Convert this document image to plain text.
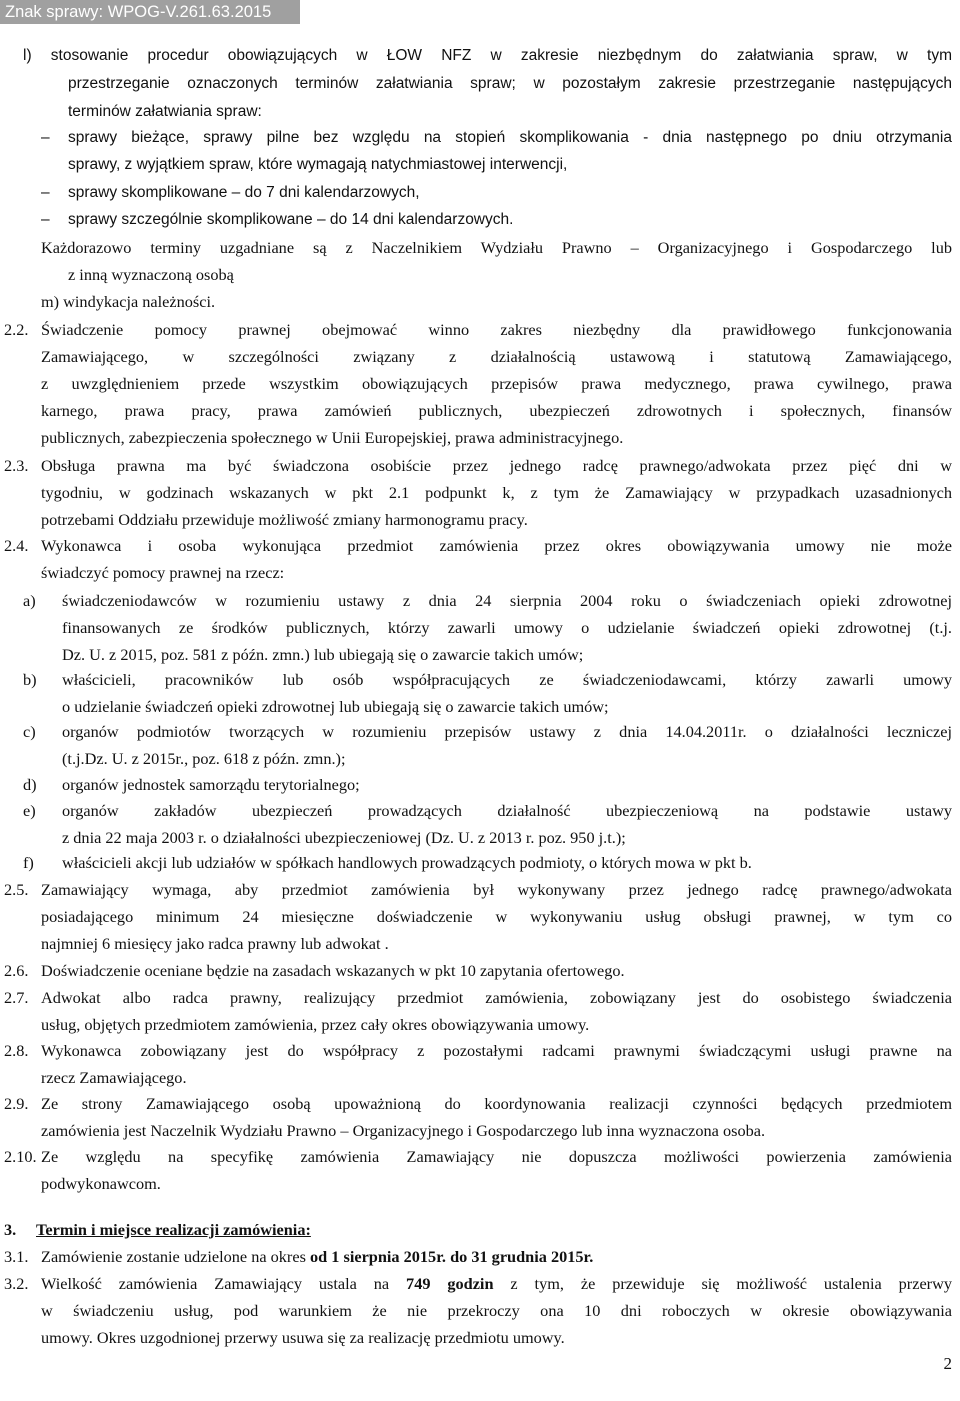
Znak sprawy: WPOG-V.261.63.2015
l) stosowanie procedur obowiązujących w ŁOW NFZ w zakresie niezbędnym do załatwiania spraw, w tym
przestrzeganie oznaczonych terminów załatwiania spraw; w pozostałym zakresie przestrzeganie następujących
terminów załatwiania spraw:
– sprawy bieżące, sprawy pilne bez względu na stopień skomplikowania - dnia następnego po dniu otrzymania
sprawy, z wyjątkiem spraw, które wymagają natychmiastowej interwencji,
– sprawy skomplikowane – do 7 dni kalendarzowych,
– sprawy szczególnie skomplikowane – do 14 dni kalendarzowych.
Każdorazowo terminy uzgadniane są z Naczelnikiem Wydziału Prawno – Organizacyjnego i Gospodarczego lub
z inną wyznaczoną osobą
m) windykacja należności.
2.2. Świadczenie pomocy prawnej obejmować winno zakres niezbędny dla prawidłowego funkcjonowania
Zamawiającego, w szczególności związany z działalnością ustawową i statutową Zamawiającego,
z uwzględnieniem przede wszystkim obowiązujących przepisów prawa medycznego, prawa cywilnego, prawa
karnego, prawa pracy, prawa zamówień publicznych, ubezpieczeń zdrowotnych i społecznych, finansów
publicznych, zabezpieczenia społecznego w Unii Europejskiej, prawa administracyjnego.
2.3. Obsługa prawna ma być świadczona osobiście przez jednego radcę prawnego/adwokata przez pięć dni w
tygodniu, w godzinach wskazanych w pkt 2.1 podpunkt k, z tym że Zamawiający w przypadkach uzasadnionych
potrzebami Oddziału przewiduje możliwość zmiany harmonogramu pracy.
2.4. Wykonawca i osoba wykonująca przedmiot zamówienia przez okres obowiązywania umowy nie może
świadczyć pomocy prawnej na rzecz:
a) świadczeniodawców w rozumieniu ustawy z dnia 24 sierpnia 2004 roku o świadczeniach opieki zdrowotnej
finansowanych ze środków publicznych, którzy zawarli umowy o udzielanie świadczeń opieki zdrowotnej (t.j.
Dz. U. z 2015, poz. 581 z późn. zmn.) lub ubiegają się o zawarcie takich umów;
b) właścicieli, pracowników lub osób współpracujących ze świadczeniodawcami, którzy zawarli umowy
o udzielanie świadczeń opieki zdrowotnej lub ubiegają się o zawarcie takich umów;
c) organów podmiotów tworzących w rozumieniu przepisów ustawy z dnia 14.04.2011r. o działalności leczniczej
(t.j.Dz. U. z 2015r., poz. 618 z późn. zmn.);
d) organów jednostek samorządu terytorialnego;
e) organów zakładów ubezpieczeń prowadzących działalność ubezpieczeniową na podstawie ustawy
z dnia 22 maja 2003 r. o działalności ubezpieczeniowej (Dz. U. z 2013 r. poz. 950 j.t.);
f) właścicieli akcji lub udziałów w spółkach handlowych prowadzących podmioty, o których mowa w pkt b.
2.5. Zamawiający wymaga, aby przedmiot zamówienia był wykonywany przez jednego radcę prawnego/adwokata
posiadającego minimum 24 miesięczne doświadczenie w wykonywaniu usług obsługi prawnej, w tym co
najmniej 6 miesięcy jako radca prawny lub adwokat .
2.6. Doświadczenie oceniane będzie na zasadach wskazanych w pkt 10 zapytania ofertowego.
2.7. Adwokat albo radca prawny, realizujący przedmiot zamówienia, zobowiązany jest do osobistego świadczenia
usług, objętych przedmiotem zamówienia, przez cały okres obowiązywania umowy.
2.8. Wykonawca zobowiązany jest do współpracy z pozostałymi radcami prawnymi świadczącymi usługi prawne na
rzecz Zamawiającego.
2.9. Ze strony Zamawiającego osobą upoważnioną do koordynowania realizacji czynności będących przedmiotem
zamówienia jest Naczelnik Wydziału Prawno – Organizacyjnego i Gospodarczego lub inna wyznaczona osoba.
2.10. Ze względu na specyfikę zamówienia Zamawiający nie dopuszcza możliwości powierzenia zamówienia
podwykonawcom.
3. Termin i miejsce realizacji zamówienia:
3.1. Zamówienie zostanie udzielone na okres od 1 sierpnia 2015r. do 31 grudnia 2015r.
3.2. Wielkość zamówienia Zamawiający ustala na 749 godzin z tym, że przewiduje się możliwość ustalenia przerwy
w świadczeniu usług, pod warunkiem że nie przekroczy ona 10 dni roboczych w okresie obowiązywania
umowy. Okres uzgodnionej przerwy usuwa się za realizację przedmiotu umowy.
2
